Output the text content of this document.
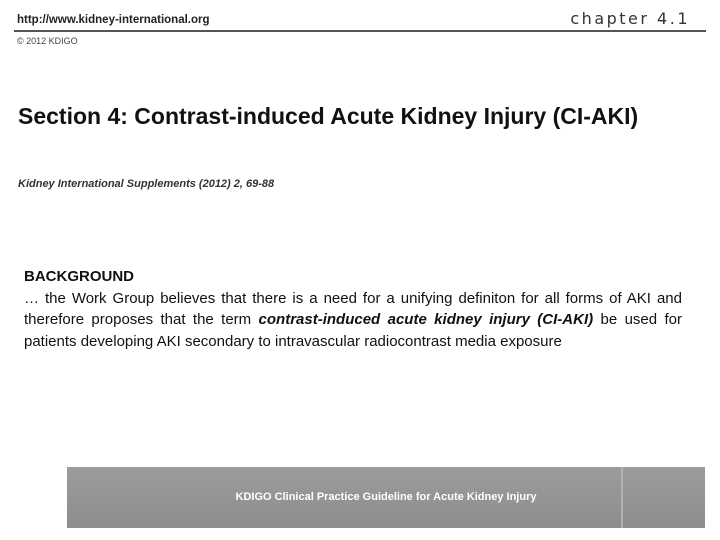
http://www.kidney-international.org	chapter 4.1
© 2012 KDIGO
Section 4: Contrast-induced Acute Kidney Injury (CI-AKI)
Kidney International Supplements (2012) 2, 69-88
BACKGROUND
… the Work Group believes that there is a need for a unifying definiton for all forms of AKI and therefore proposes that the term contrast-induced acute kidney injury (CI-AKI) be used for patients developing AKI secondary to intravascular radiocontrast media exposure
KDIGO Clinical Practice Guideline for Acute Kidney Injury
